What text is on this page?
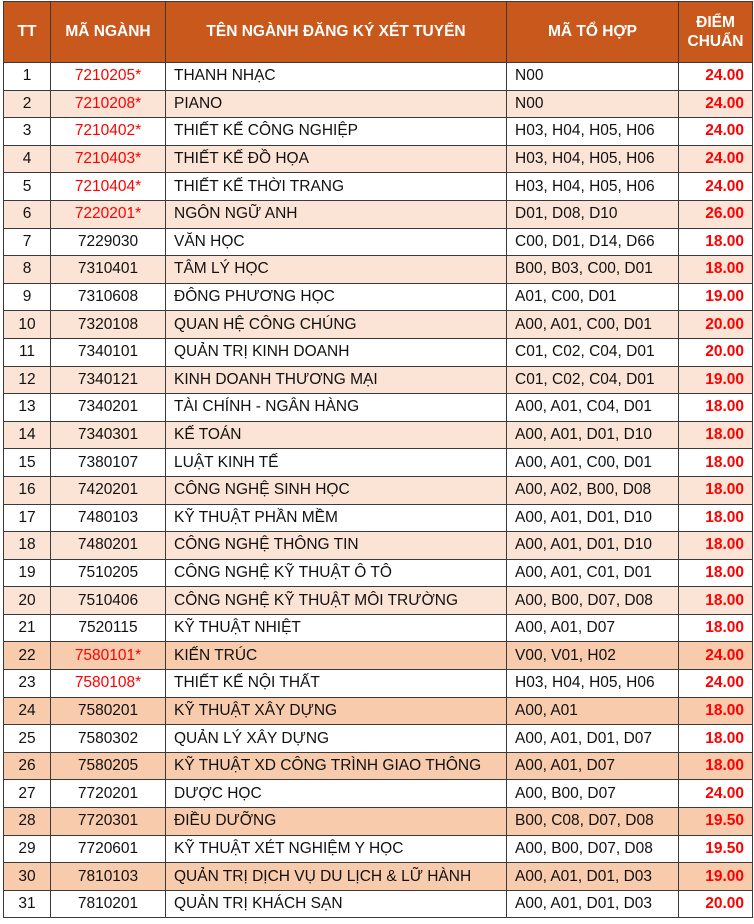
TT	MÃ NGÀNH	TÊN NGÀNH ĐĂNG KÝ XÉT TUYỂN	MÃ TỔ HỢP	ĐIỂM
CHUẨN
1	7210205*	THANH NHẠC	N00	24.00
2	7210208*	PIANO	N00	24.00
3	7210402*	THIẾT KẾ CÔNG NGHIỆP	H03, H04, H05, H06	24.00
4	7210403*	THIẾT KẾ ĐỒ HỌA	H03, H04, H05, H06	24.00
5	7210404*	THIẾT KẾ THỜI TRANG	H03, H04, H05, H06	24.00
6	7220201*	NGÔN NGỮ ANH	D01, D08, D10	26.00
7	7229030	VĂN HỌC	C00, D01, D14, D66	18.00
8	7310401	TÂM LÝ HỌC	B00, B03, C00, D01	18.00
9	7310608	ĐÔNG PHƯƠNG HỌC	A01, C00, D01	19.00
10	7320108	QUAN HỆ CÔNG CHÚNG	A00, A01, C00, D01	20.00
11	7340101	QUẢN TRỊ KINH DOANH	C01, C02, C04, D01	20.00
12	7340121	KINH DOANH THƯƠNG MẠI	C01, C02, C04, D01	19.00
13	7340201	TÀI CHÍNH - NGÂN HÀNG	A00, A01, C04, D01	18.00
14	7340301	KẾ TOÁN	A00, A01, D01, D10	18.00
15	7380107	LUẬT KINH TẾ	A00, A01, C00, D01	18.00
16	7420201	CÔNG NGHỆ SINH HỌC	A00, A02, B00, D08	18.00
17	7480103	KỸ THUẬT PHẦN MỀM	A00, A01, D01, D10	18.00
18	7480201	CÔNG NGHỆ THÔNG TIN	A00, A01, D01, D10	18.00
19	7510205	CÔNG NGHỆ KỸ THUẬT Ô TÔ	A00, A01, C01, D01	18.00
20	7510406	CÔNG NGHỆ KỸ THUẬT MÔI TRƯỜNG	A00, B00, D07, D08	18.00
21	7520115	KỸ THUẬT NHIỆT	A00, A01, D07	18.00
22	7580101*	KIẾN TRÚC	V00, V01, H02	24.00
23	7580108*	THIẾT KẾ NỘI THẤT	H03, H04, H05, H06	24.00
24	7580201	KỸ THUẬT XÂY DỰNG	A00, A01	18.00
25	7580302	QUẢN LÝ XÂY DỰNG	A00, A01, D01, D07	18.00
26	7580205	KỸ THUẬT XD CÔNG TRÌNH GIAO THÔNG	A00, A01, D07	18.00
27	7720201	DƯỢC HỌC	A00, B00, D07	24.00
28	7720301	ĐIỀU DƯỠNG	B00, C08, D07, D08	19.50
29	7720601	KỸ THUẬT XÉT NGHIỆM Y HỌC	A00, B00, D07, D08	19.50
30	7810103	QUẢN TRỊ DỊCH VỤ DU LỊCH & LỮ HÀNH	A00, A01, D01, D03	19.00
31	7810201	QUẢN TRỊ KHÁCH SẠN	A00, A01, D01, D03	20.00
